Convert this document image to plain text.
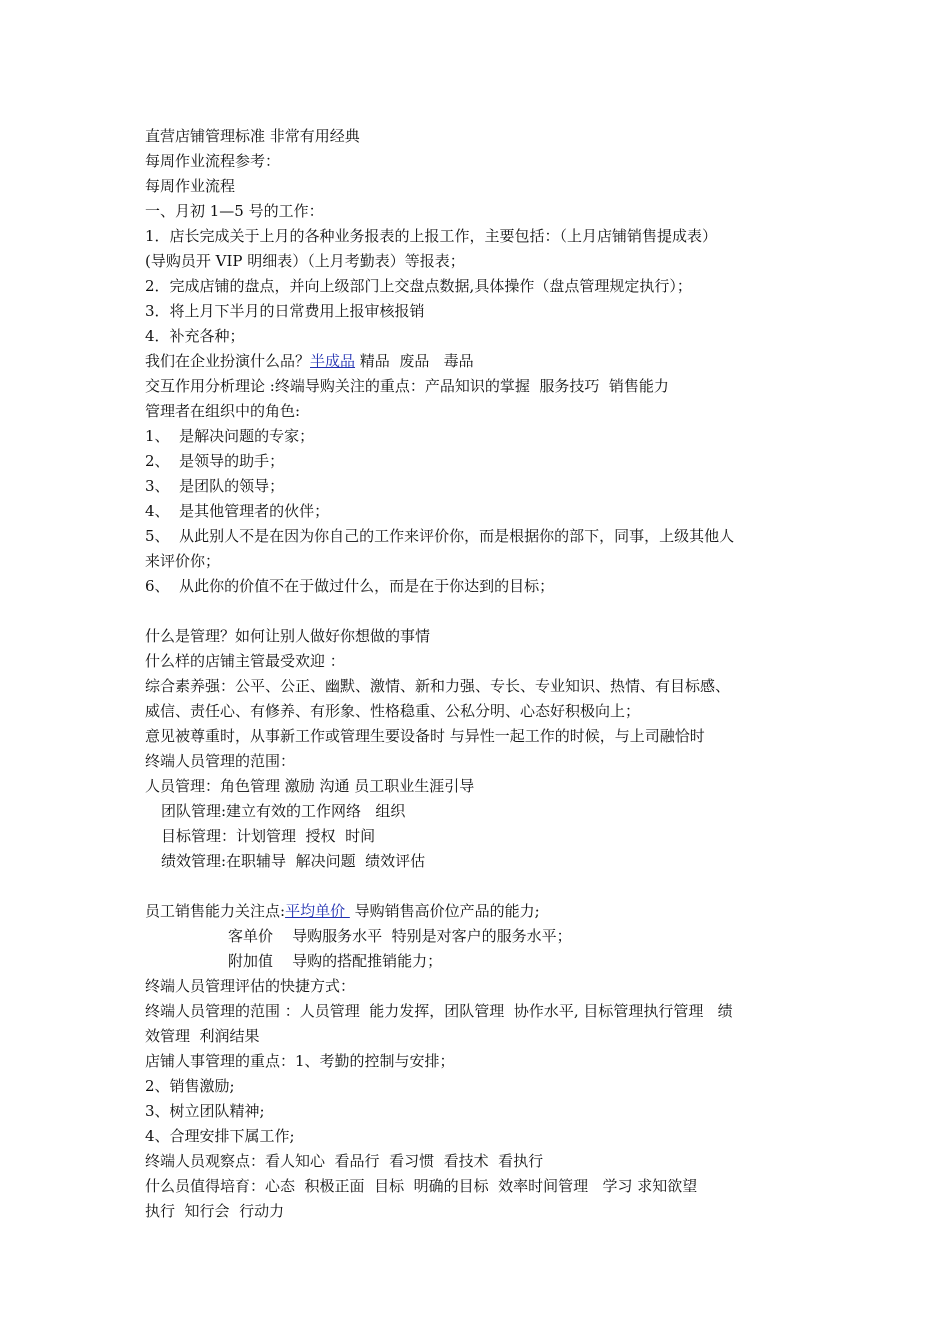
直营店铺管理标准 非常有用经典
每周作业流程参考：
每周作业流程
一、月初 1—5 号的工作：
1．店长完成关于上月的各种业务报表的上报工作，主要包括：（上月店铺销售提成表）
(导购员开 VIP 明细表）（上月考勤表）等报表；
2．完成店铺的盘点，并向上级部门上交盘点数据,具体操作（盘点管理规定执行）；
3．将上月下半月的日常费用上报审核报销
4．补充各种；
我们在企业扮演什么品？半成品 精品  废品   毒品
交互作用分析理论 :终端导购关注的重点：产品知识的掌握  服务技巧  销售能力
管理者在组织中的角色:
1、  是解决问题的专家；
2、  是领导的助手；
3、  是团队的领导；
4、  是其他管理者的伙伴；
5、  从此别人不是在因为你自己的工作来评价你，而是根据你的部下，同事，上级其他人
来评价你；
6、  从此你的价值不在于做过什么，而是在于你达到的目标；
什么是管理？如何让别人做好你想做的事情
什么样的店铺主管最受欢迎 ：
综合素养强：公平、公正、幽默、激情、新和力强、专长、专业知识、热情、有目标感、
威信、责任心、有修养、有形象、性格稳重、公私分明、心态好积极向上；
意见被尊重时，从事新工作或管理生要设备时 与异性一起工作的时候，与上司融恰时
终端人员管理的范围：
人员管理：角色管理 激励 沟通 员工职业生涯引导
团队管理:建立有效的工作网络   组织
目标管理：计划管理  授权  时间
绩效管理:在职辅导  解决问题  绩效评估
员工销售能力关注点:平均单价  导购销售高价位产品的能力;
客单价    导购服务水平  特别是对客户的服务水平；
附加值    导购的搭配推销能力；
终端人员管理评估的快捷方式：
终端人员管理的范围 ：人员管理  能力发挥，团队管理  协作水平, 目标管理执行管理   绩
效管理  利润结果
店铺人事管理的重点：1、考勤的控制与安排；
2、销售激励;
3、树立团队精神;
4、合理安排下属工作;
终端人员观察点：看人知心  看品行  看习惯  看技术  看执行
什么员值得培育：心态  积极正面  目标  明确的目标  效率时间管理   学习 求知欲望
执行  知行会  行动力
